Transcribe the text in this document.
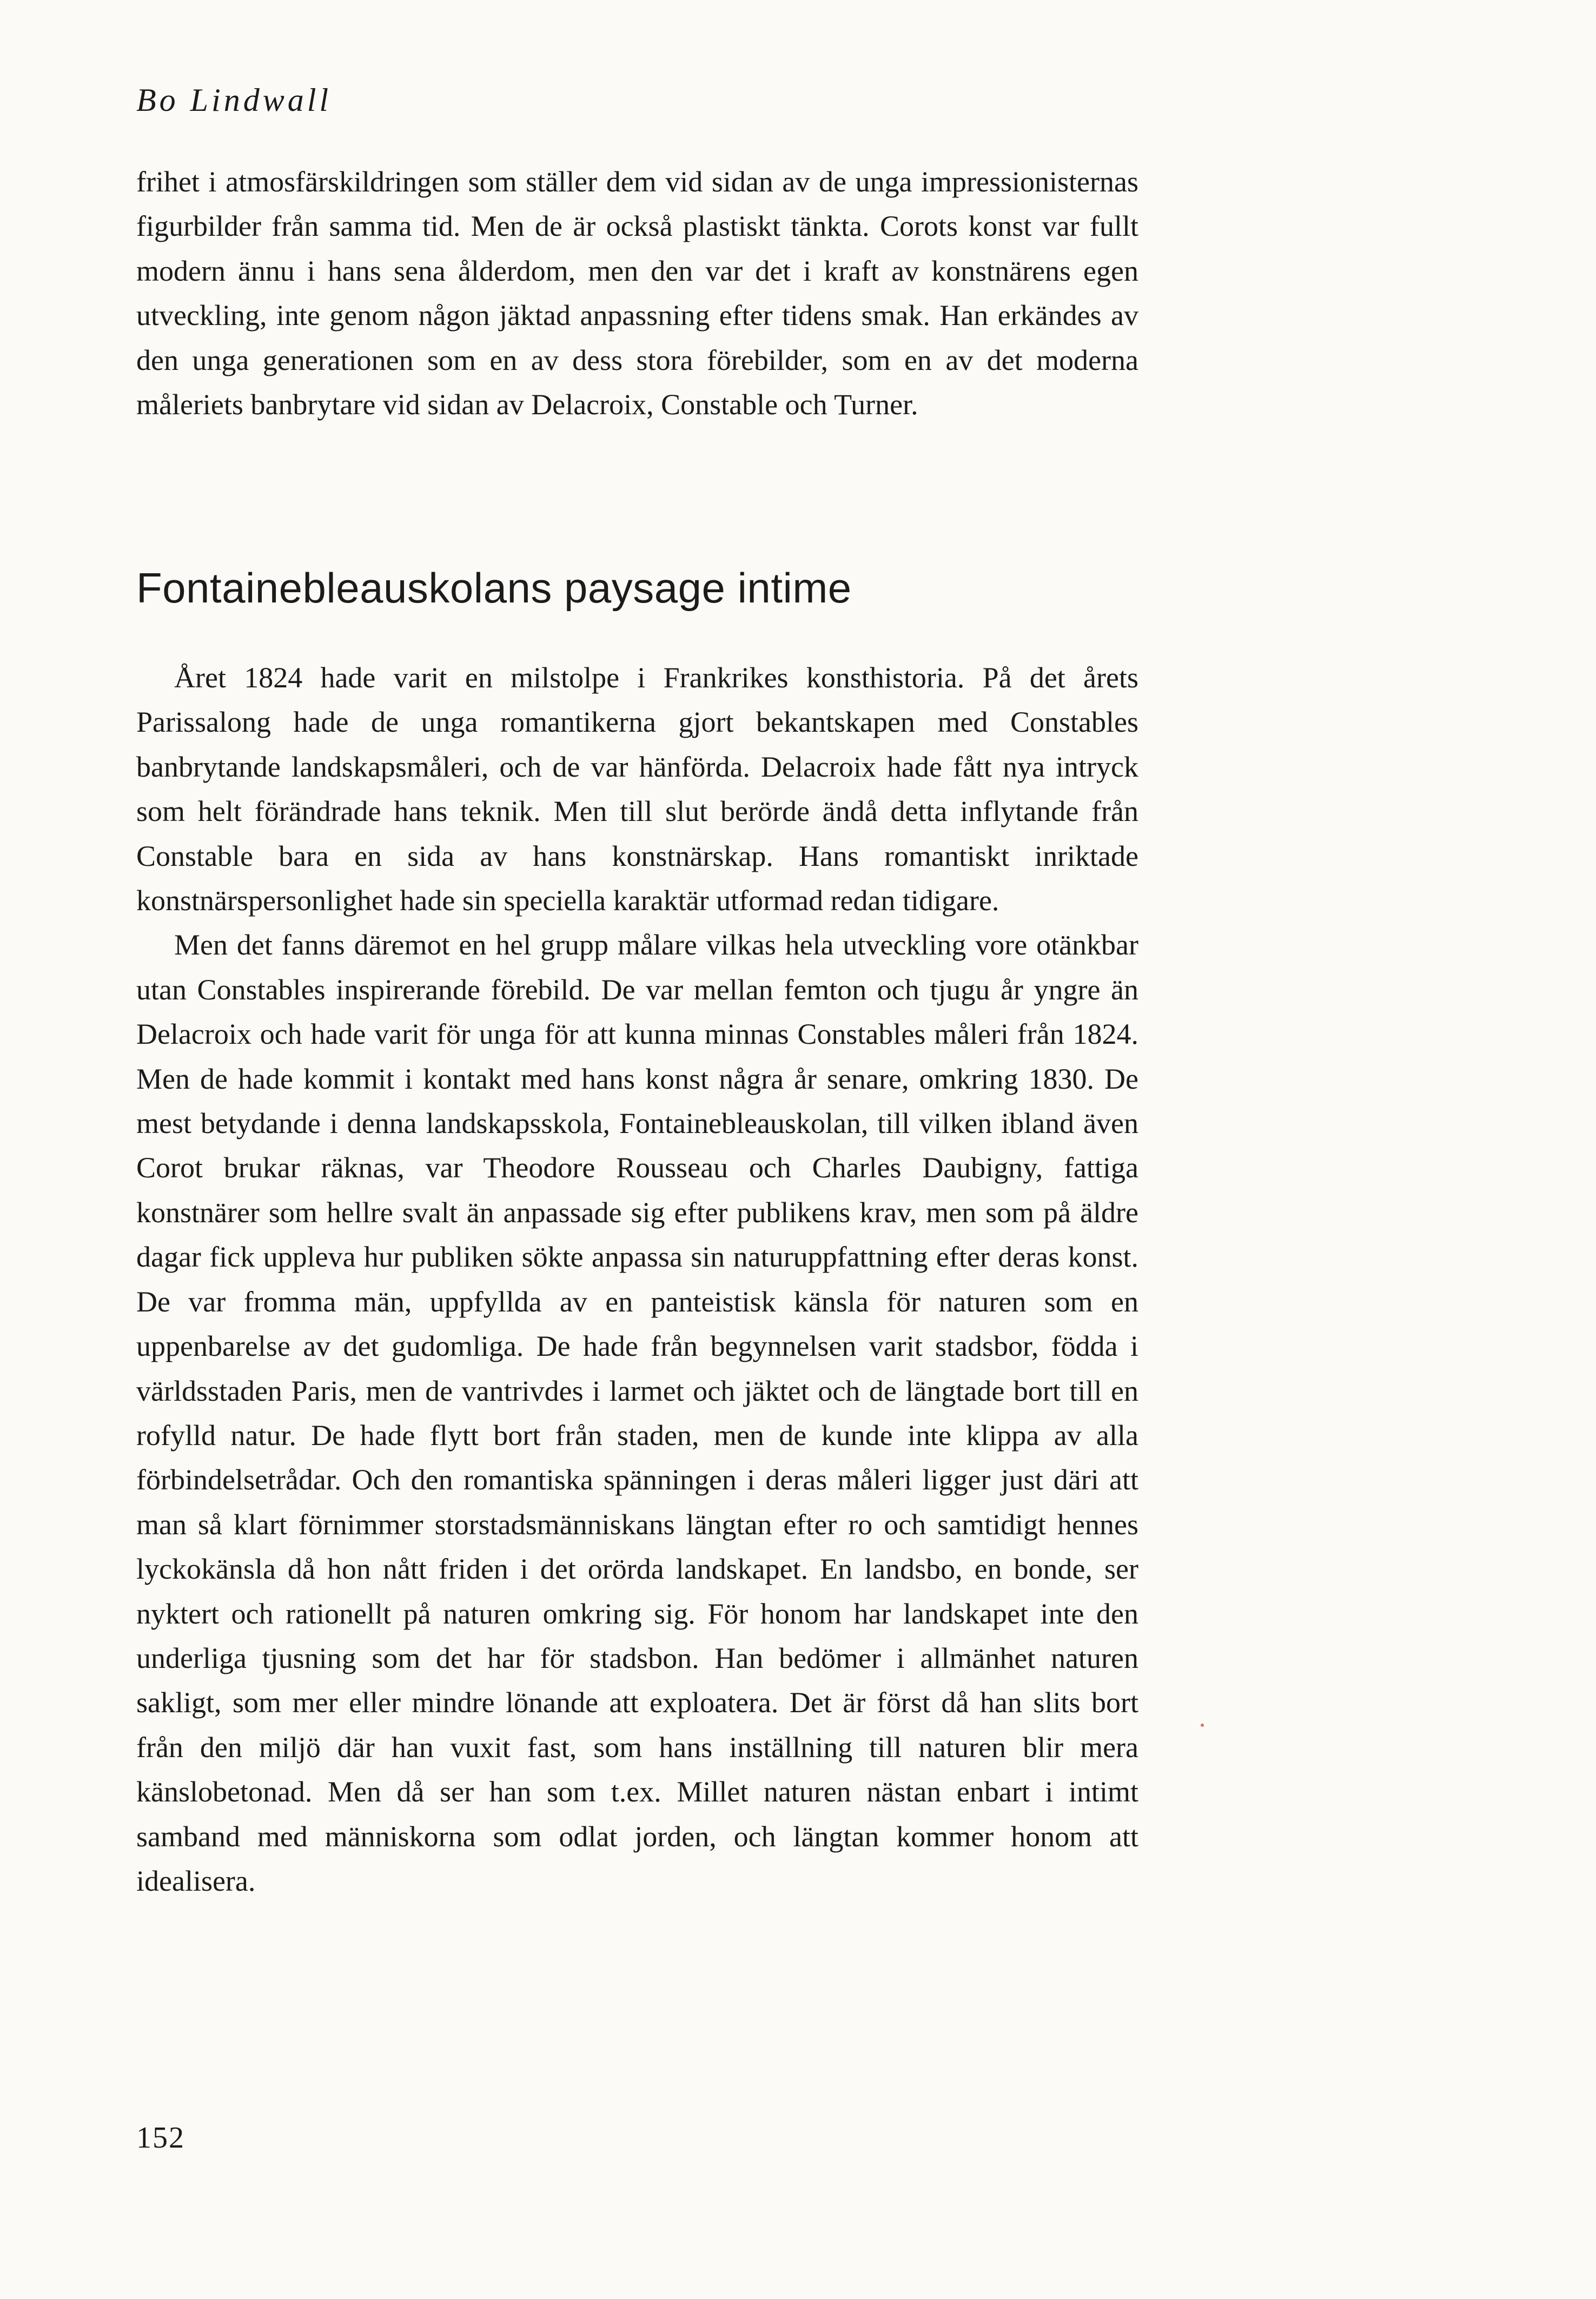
Bo Lindwall

frihet i atmosfärskildringen som ställer dem vid sidan av de unga impressionisternas figurbilder från samma tid. Men de är också plastiskt tänkta. Corots konst var fullt modern ännu i hans sena ålderdom, men den var det i kraft av konstnärens egen utveckling, inte genom någon jäktad anpassning efter tidens smak. Han erkändes av den unga generationen som en av dess stora förebilder, som en av det moderna måleriets banbrytare vid sidan av Delacroix, Constable och Turner.

Fontainebleauskolans paysage intime

Året 1824 hade varit en milstolpe i Frankrikes konsthistoria. På det årets Parissalong hade de unga romantikerna gjort bekantskapen med Constables banbrytande landskapsmåleri, och de var hänförda. Delacroix hade fått nya intryck som helt förändrade hans teknik. Men till slut berörde ändå detta inflytande från Constable bara en sida av hans konstnärskap. Hans romantiskt inriktade konstnärspersonlighet hade sin speciella karaktär utformad redan tidigare.

Men det fanns däremot en hel grupp målare vilkas hela utveckling vore otänkbar utan Constables inspirerande förebild. De var mellan femton och tjugu år yngre än Delacroix och hade varit för unga för att kunna minnas Constables måleri från 1824. Men de hade kommit i kontakt med hans konst några år senare, omkring 1830. De mest betydande i denna landskapsskola, Fontainebleauskolan, till vilken ibland även Corot brukar räknas, var Theodore Rousseau och Charles Daubigny, fattiga konstnärer som hellre svalt än anpassade sig efter publikens krav, men som på äldre dagar fick uppleva hur publiken sökte anpassa sin naturuppfattning efter deras konst. De var fromma män, uppfyllda av en panteistisk känsla för naturen som en uppenbarelse av det gudomliga. De hade från begynnelsen varit stadsbor, födda i världsstaden Paris, men de vantrivdes i larmet och jäktet och de längtade bort till en rofylld natur. De hade flytt bort från staden, men de kunde inte klippa av alla förbindelsetrådar. Och den romantiska spänningen i deras måleri ligger just däri att man så klart förnimmer storstadsmänniskans längtan efter ro och samtidigt hennes lyckokänsla då hon nått friden i det orörda landskapet. En landsbo, en bonde, ser nyktert och rationellt på naturen omkring sig. För honom har landskapet inte den underliga tjusning som det har för stadsbon. Han bedömer i allmänhet naturen sakligt, som mer eller mindre lönande att exploatera. Det är först då han slits bort från den miljö där han vuxit fast, som hans inställning till naturen blir mera känslobetonad. Men då ser han som t.ex. Millet naturen nästan enbart i intimt samband med människorna som odlat jorden, och längtan kommer honom att idealisera.

152
